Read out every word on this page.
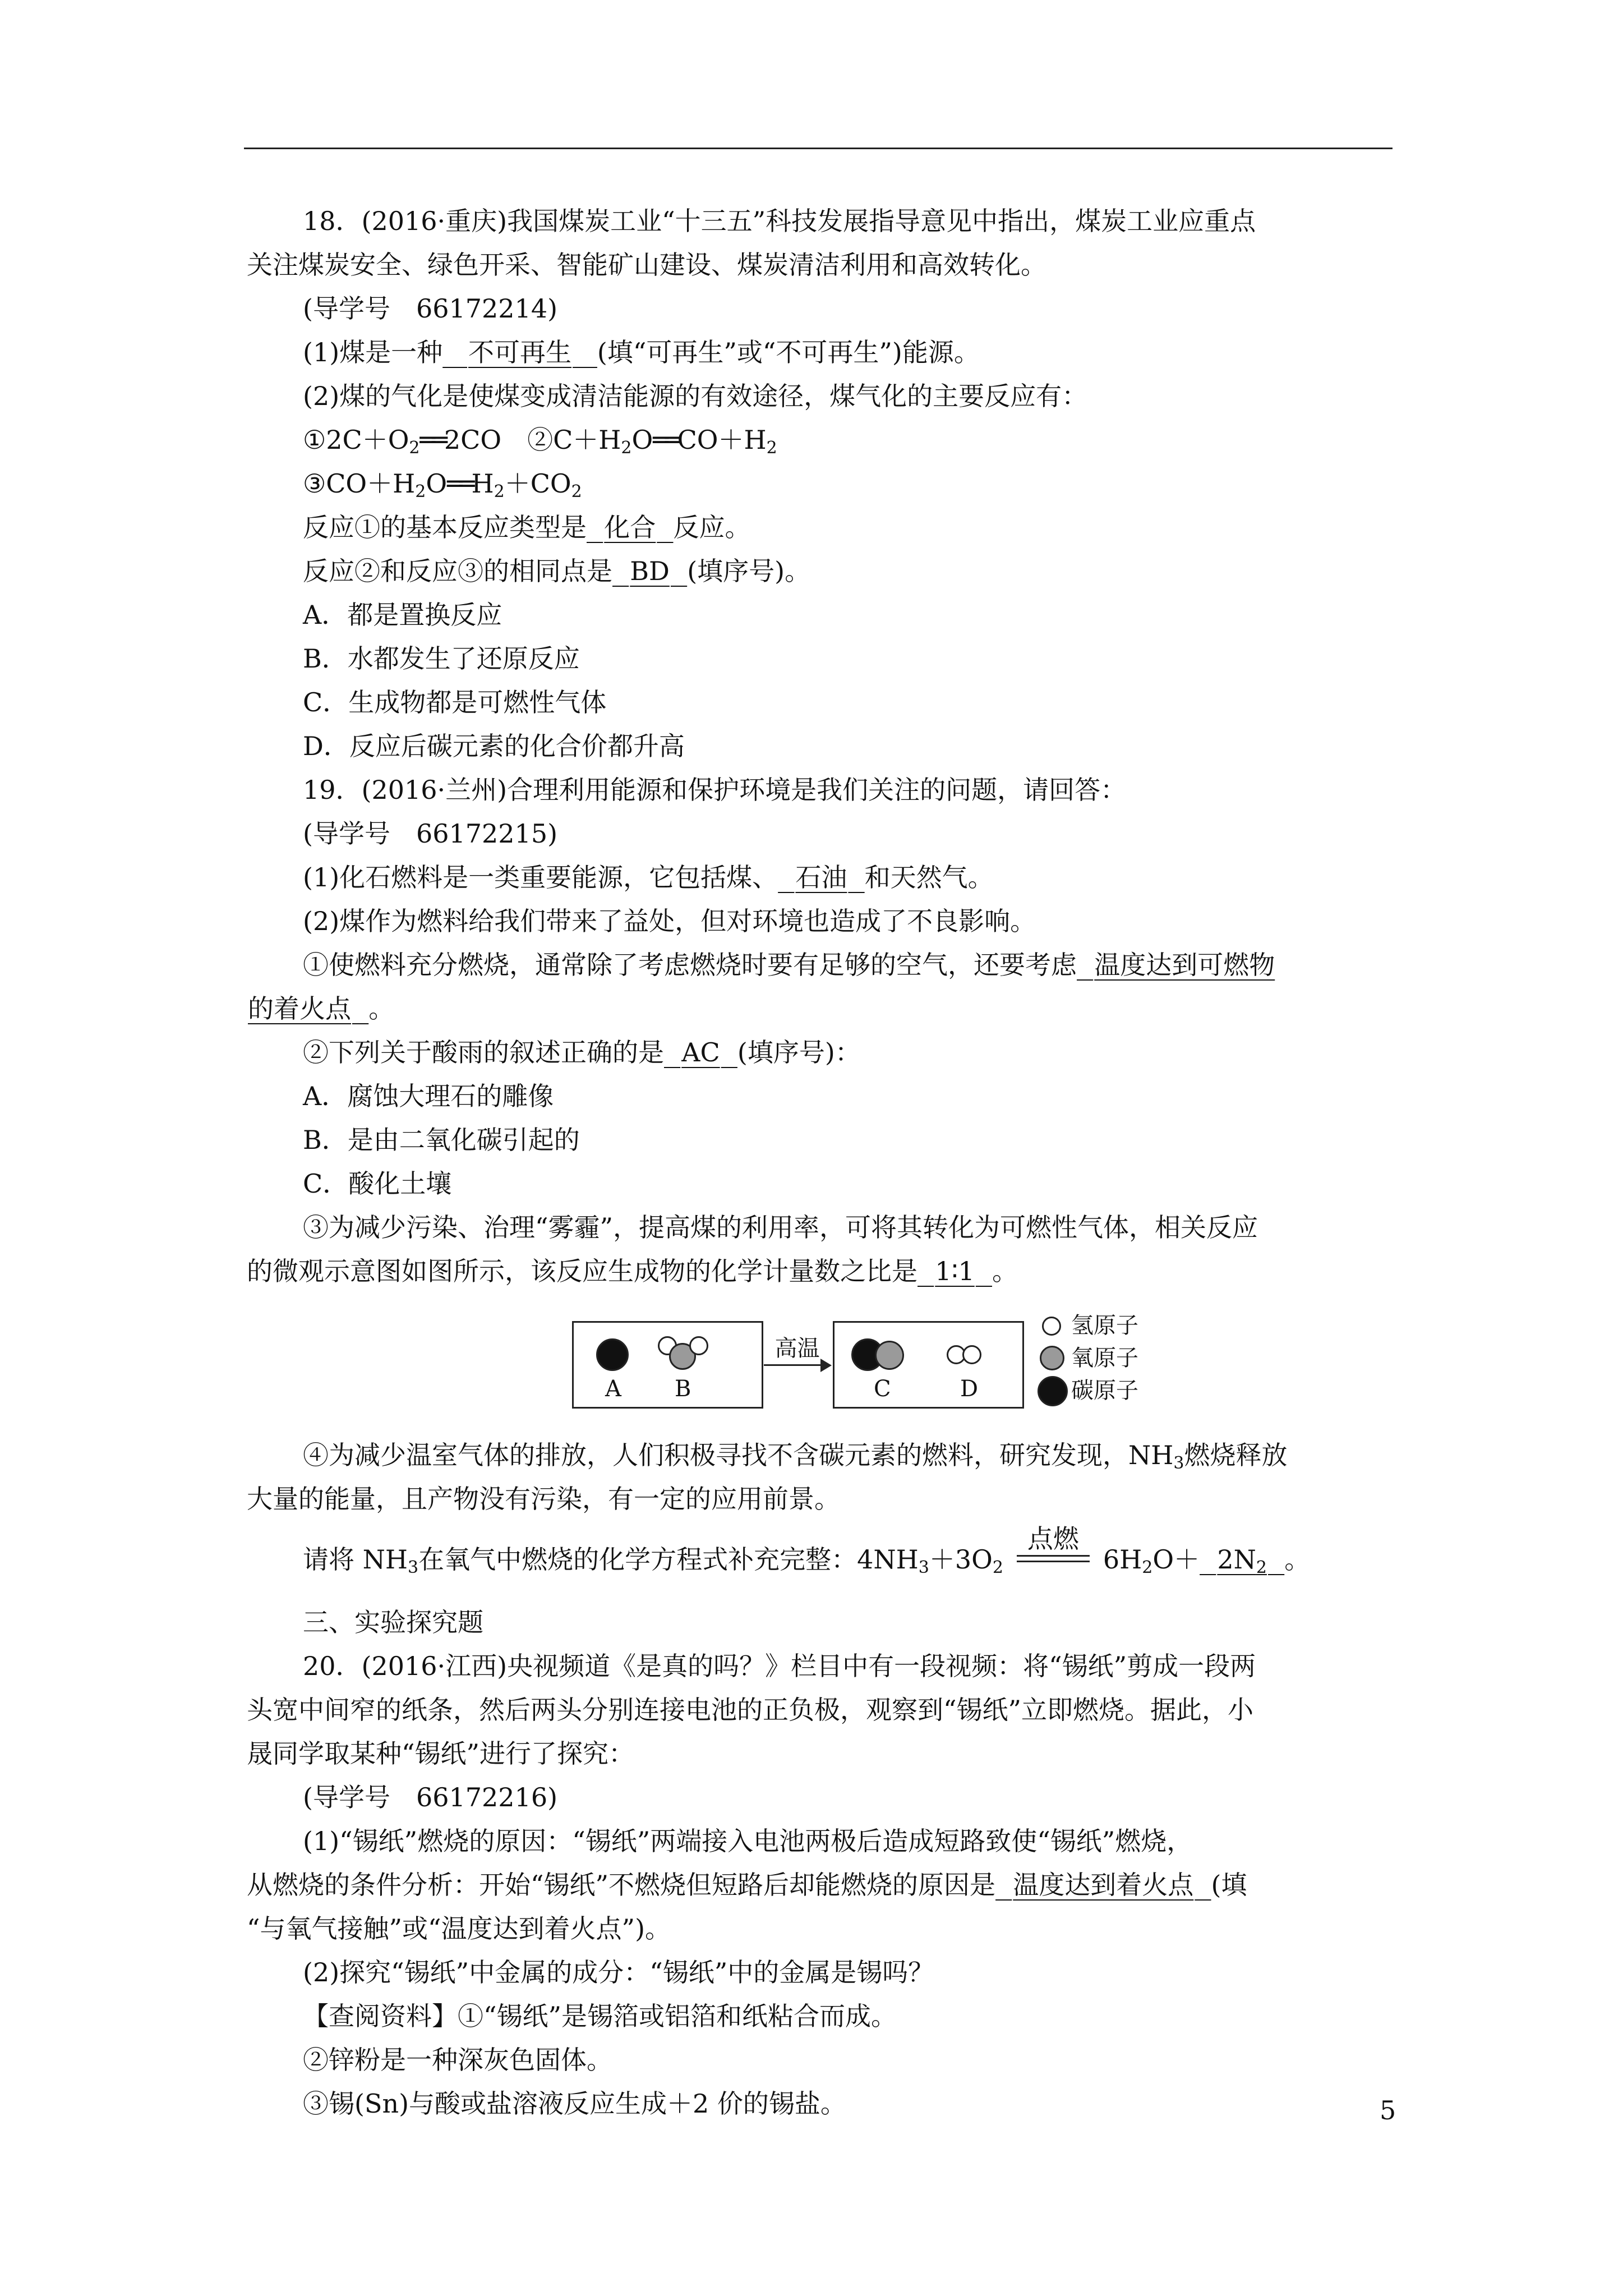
18．(2016·重庆)我国煤炭工业“十三五”科技发展指导意见中指出，煤炭工业应重点

关注煤炭安全、绿色开采、智能矿山建设、煤炭清洁利用和高效转化。

(导学号　66172214)

(1)煤是一种 不可再生 (填“可再生”或“不可再生”)能源。

(2)煤的气化是使煤变成清洁能源的有效途径，煤气化的主要反应有：

$①2C+O_2══2CO$　$②C+H_2O══CO+H_2$

$③CO+H_2O══H_2+CO_2$

反应①的基本反应类型是 化合 反应。

反应②和反应③的相同点是 BD (填序号)。

A．都是置换反应

B．水都发生了还原反应

C．生成物都是可燃性气体

D．反应后碳元素的化合价都升高

19．(2016·兰州)合理利用能源和保护环境是我们关注的问题，请回答：

(导学号　66172215)

(1)化石燃料是一类重要能源，它包括煤、 石油 和天然气。

(2)煤作为燃料给我们带来了益处，但对环境也造成了不良影响。

①使燃料充分燃烧，通常除了考虑燃烧时要有足够的空气，还要考虑 温度达到可燃物

的着火点 。

②下列关于酸雨的叙述正确的是 AC (填序号)：

A．腐蚀大理石的雕像

B．是由二氧化碳引起的

C．酸化土壤

③为减少污染、治理“雾霾”，提高煤的利用率，可将其转化为可燃性气体，相关反应

的微观示意图如图所示，该反应生成物的化学计量数之比是 1∶1 。

A B
高温
C	D
氢原子
氧原子
碳原子

④为减少温室气体的排放，人们积极寻找不含碳元素的燃料，研究发现，$NH_3$燃烧释放

大量的能量，且产物没有污染，有一定的应用前景。

请将 $NH_3$在氧气中燃烧的化学方程式补充完整：$4NH_3+3O_2$
点燃
$6H_2O+ 2N_2$ 。

三、实验探究题

20．(2016·江西)央视频道《是真的吗？》栏目中有一段视频：将“锡纸”剪成一段两

头宽中间窄的纸条，然后两头分别连接电池的正负极，观察到“锡纸”立即燃烧。据此，小

晟同学取某种“锡纸”进行了探究：

(导学号　66172216)

(1)“锡纸”燃烧的原因：“锡纸”两端接入电池两极后造成短路致使“锡纸”燃烧，

从燃烧的条件分析：开始“锡纸”不燃烧但短路后却能燃烧的原因是 温度达到着火点 (填

“与氧气接触”或“温度达到着火点”)。

(2)探究“锡纸”中金属的成分：“锡纸”中的金属是锡吗？

【查阅资料】①“锡纸”是锡箔或铝箔和纸粘合而成。

②锌粉是一种深灰色固体。

③锡(Sn)与酸或盐溶液反应生成＋2 价的锡盐。	5
